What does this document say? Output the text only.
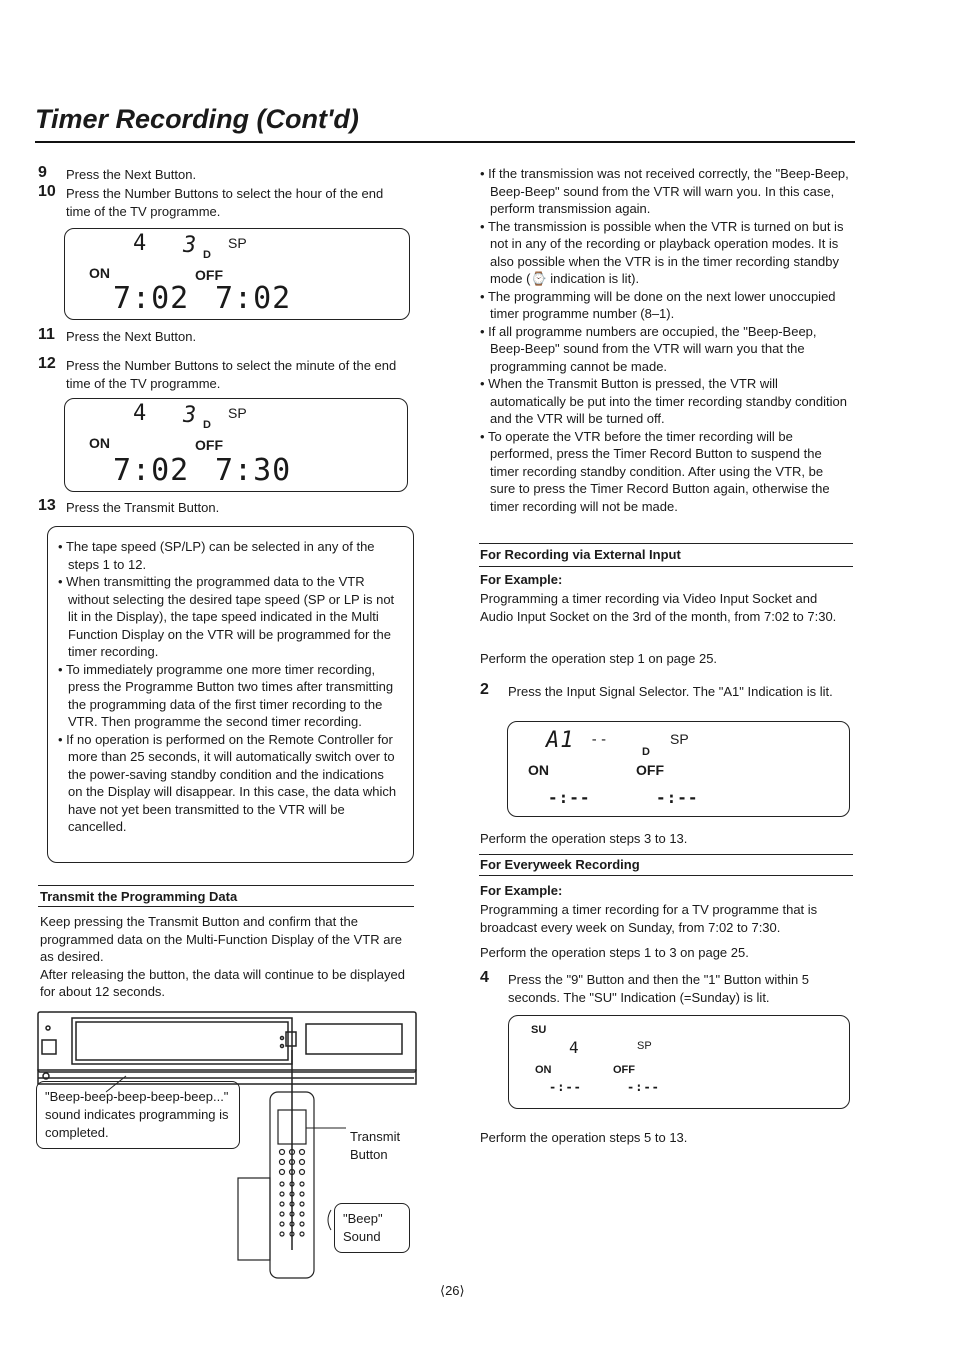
Timer Recording (Cont'd)
9	Press the Next Button.
10 Press the Number Buttons to select the hour of the end time of the TV programme.
4 3 D
SP
ON	OFF
7:02 7:02
11 Press the Next Button.
12 Press the Number Buttons to select the minute of the end time of the TV programme.
4 3 D
SP
ON	OFF
7:02 7:30
13 Press the Transmit Button.

• The tape speed (SP/LP) can be selected in any of the steps 1 to 12.

• When transmitting the programmed data to the VTR without selecting the desired tape speed (SP or LP is not lit in the Display), the tape speed indicated in the Multi Function Display on the VTR will be programmed for the timer recording.

• To immediately programme one more timer recording, press the Programme Button two times after transmitting the programming data of the first timer recording to the VTR. Then programme the second timer recording.

• If no operation is performed on the Remote Controller for more than 25 seconds, it will automatically switch over to the power-saving standby condition and the indications on the Display will disappear. In this case, the data which have not yet been transmitted to the VTR will be cancelled.

Transmit the Programming Data

Keep pressing the Transmit Button and confirm that the programmed data on the Multi-Function Display of the VTR are as desired.

After releasing the button, the data will continue to be displayed for about 12 seconds.

"Beep-beep-beep-beep-beep..." sound indicates programming is completed.	Transmit Button
"Beep" Sound

• If the transmission was not received correctly, the "Beep-Beep, Beep-Beep" sound from the VTR will warn you. In this case, perform transmission again.

• The transmission is possible when the VTR is turned on but is not in any of the recording or playback operation modes. It is also possible when the VTR is in the timer recording standby mode (⌚ indication is lit).

• The programming will be done on the next lower unoccupied timer programme number (8–1).

• If all programme numbers are occupied, the "Beep-Beep, Beep-Beep" sound from the VTR will warn you that the programming cannot be made.

• When the Transmit Button is pressed, the VTR will automatically be put into the timer recording standby condition and the VTR will be turned off.

• To operate the VTR before the timer recording will be performed, press the Timer Record Button to suspend the timer recording standby condition. After using the VTR, be sure to press the Timer Record Button again, otherwise the timer recording will not be made.

For Recording via External Input
For Example:
Programming a timer recording via Video Input Socket and Audio Input Socket on the 3rd of the month, from 7:02 to 7:30.
Perform the operation step 1 on page 25.
2	Press the Input Signal Selector. The "A1" Indication is lit.
A1 --
D
SP
ON	OFF
-:--	-:--
Perform the operation steps 3 to 13.
For Everyweek Recording
For Example:
Programming a timer recording for a TV programme that is broadcast every week on Sunday, from 7:02 to 7:30.
Perform the operation steps 1 to 3 on page 25.
4	Press the "9" Button and then the "1" Button within 5 seconds. The "SU" Indication (=Sunday) is lit.
SU
4	SP
ON	OFF
-:--	-:--
Perform the operation steps 5 to 13.
⟨26⟩
